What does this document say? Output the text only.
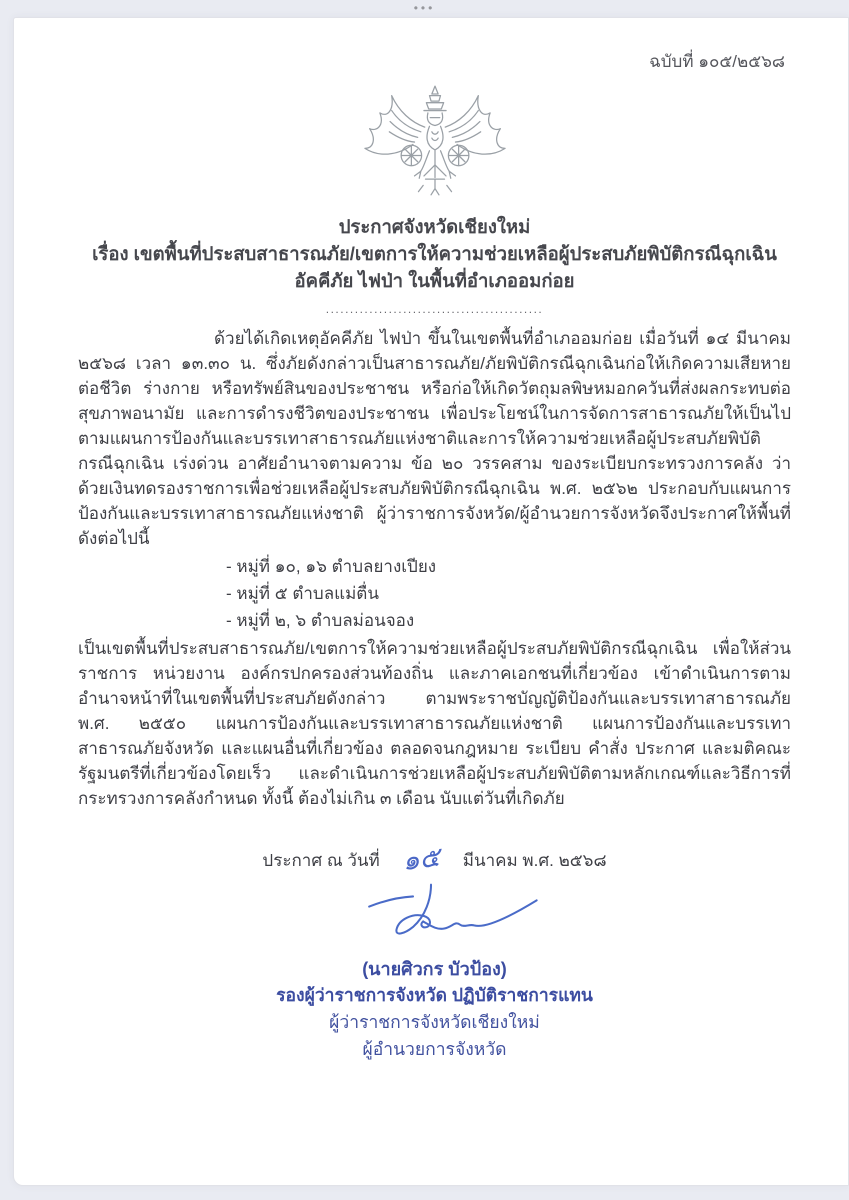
•••
ฉบับที่ ๑๐๕/๒๕๖๘
ประกาศจังหวัดเชียงใหม่
เรื่อง เขตพื้นที่ประสบสาธารณภัย/เขตการให้ความช่วยเหลือผู้ประสบภัยพิบัติกรณีฉุกเฉิน
อัคคีภัย ไฟป่า ในพื้นที่อำเภออมก่อย
.............................................

ด้วยได้เกิดเหตุอัคคีภัย ไฟป่า ขึ้นในเขตพื้นที่อำเภออมก่อย เมื่อวันที่ ๑๔ มีนาคม ๒๕๖๘ เวลา ๑๓.๓๐ น. ซึ่งภัยดังกล่าวเป็นสาธารณภัย/ภัยพิบัติกรณีฉุกเฉินก่อให้เกิดความเสียหายต่อชีวิต ร่างกาย หรือทรัพย์สินของประชาชน หรือก่อให้เกิดวัตถุมลพิษหมอกควันที่ส่งผลกระทบต่อสุขภาพอนามัย และการดำรงชีวิตของประชาชน เพื่อประโยชน์ในการจัดการสาธารณภัยให้เป็นไปตามแผนการป้องกันและบรรเทาสาธารณภัยแห่งชาติและการให้ความช่วยเหลือผู้ประสบภัยพิบัติกรณีฉุกเฉิน เร่งด่วน อาศัยอำนาจตามความ ข้อ ๒๐ วรรคสาม ของระเบียบกระทรวงการคลัง ว่าด้วยเงินทดรองราชการเพื่อช่วยเหลือผู้ประสบภัยพิบัติกรณีฉุกเฉิน พ.ศ. ๒๕๖๒ ประกอบกับแผนการป้องกันและบรรเทาสาธารณภัยแห่งชาติ ผู้ว่าราชการจังหวัด/ผู้อำนวยการจังหวัดจึงประกาศให้พื้นที่ ดังต่อไปนี้

- หมู่ที่ ๑๐, ๑๖ ตำบลยางเปียง
- หมู่ที่ ๕ ตำบลแม่ตื่น
- หมู่ที่ ๒, ๖ ตำบลม่อนจอง

เป็นเขตพื้นที่ประสบสาธารณภัย/เขตการให้ความช่วยเหลือผู้ประสบภัยพิบัติกรณีฉุกเฉิน เพื่อให้ส่วนราชการ หน่วยงาน องค์กรปกครองส่วนท้องถิ่น และภาคเอกชนที่เกี่ยวข้อง เข้าดำเนินการตามอำนาจหน้าที่ในเขตพื้นที่ประสบภัยดังกล่าว ตามพระราชบัญญัติป้องกันและบรรเทาสาธารณภัย พ.ศ. ๒๕๕๐ แผนการป้องกันและบรรเทาสาธารณภัยแห่งชาติ แผนการป้องกันและบรรเทาสาธารณภัยจังหวัด และแผนอื่นที่เกี่ยวข้อง ตลอดจนกฎหมาย ระเบียบ คำสั่ง ประกาศ และมติคณะรัฐมนตรีที่เกี่ยวข้องโดยเร็ว และดำเนินการช่วยเหลือผู้ประสบภัยพิบัติตามหลักเกณฑ์และวิธีการที่กระทรวงการคลังกำหนด ทั้งนี้ ต้องไม่เกิน ๓ เดือน นับแต่วันที่เกิดภัย

ประกาศ ณ วันที่ ๑๕ มีนาคม พ.ศ. ๒๕๖๘
(นายศิวกร บัวป้อง)
รองผู้ว่าราชการจังหวัด ปฏิบัติราชการแทน
ผู้ว่าราชการจังหวัดเชียงใหม่
ผู้อำนวยการจังหวัด
